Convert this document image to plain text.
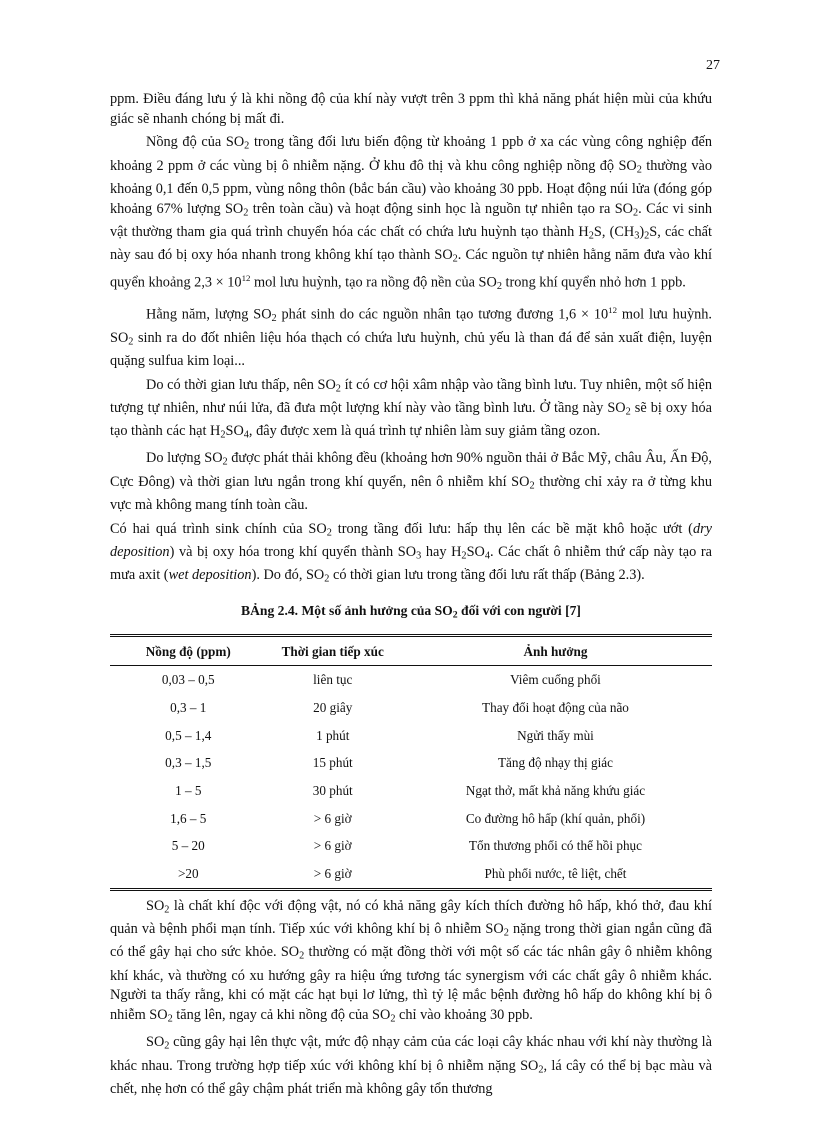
27

ppm. Điều đáng lưu ý là khi nồng độ của khí này vượt trên 3 ppm thì khả năng phát hiện mùi của khứu giác sẽ nhanh chóng bị mất đi.

Nồng độ của $SO_2$ trong tầng đối lưu biến động từ khoảng 1 ppb ở xa các vùng công nghiệp đến khoảng 2 ppm ở các vùng bị ô nhiễm nặng. Ở khu đô thị và khu công nghiệp nồng độ $SO_2$ thường vào khoảng 0,1 đến 0,5 ppm, vùng nông thôn (bắc bán cầu) vào khoảng 30 ppb. Hoạt động núi lửa (đóng góp khoảng 67% lượng $SO_2$ trên toàn cầu) và hoạt động sinh học là nguồn tự nhiên tạo ra $SO_2$. Các vi sinh vật thường tham gia quá trình chuyển hóa các chất có chứa lưu huỳnh tạo thành $H_2S$, $(CH_3)_2S$, các chất này sau đó bị oxy hóa nhanh trong không khí tạo thành $SO_2$. Các nguồn tự nhiên hằng năm đưa vào khí quyển khoảng $2,3 \times 10^{12}$ mol lưu huỳnh, tạo ra nồng độ nền của $SO_2$ trong khí quyển nhỏ hơn 1 ppb.

Hằng năm, lượng $SO_2$ phát sinh do các nguồn nhân tạo tương đương $1,6 \times 10^{12}$ mol lưu huỳnh. $SO_2$ sinh ra do đốt nhiên liệu hóa thạch có chứa lưu huỳnh, chủ yếu là than đá để sản xuất điện, luyện quặng sulfua kim loại...

Do có thời gian lưu thấp, nên $SO_2$ ít có cơ hội xâm nhập vào tầng bình lưu. Tuy nhiên, một số hiện tượng tự nhiên, như núi lửa, đã đưa một lượng khí này vào tầng bình lưu. Ở tầng này $SO_2$ sẽ bị oxy hóa tạo thành các hạt $H_2SO_4$, đây được xem là quá trình tự nhiên làm suy giảm tầng ozon.

Do lượng $SO_2$ được phát thải không đều (khoảng hơn 90% nguồn thải ở Bắc Mỹ, châu Âu, Ấn Độ, Cực Đông) và thời gian lưu ngắn trong khí quyển, nên ô nhiễm khí $SO_2$ thường chỉ xảy ra ở từng khu vực mà không mang tính toàn cầu.

Có hai quá trình sink chính của $SO_2$ trong tầng đối lưu: hấp thụ lên các bề mặt khô hoặc ướt (dry deposition) và bị oxy hóa trong khí quyển thành $SO_3$ hay $H_2SO_4$. Các chất ô nhiễm thứ cấp này tạo ra mưa axit (wet deposition). Do đó, $SO_2$ có thời gian lưu trong tầng đối lưu rất thấp (Bảng 2.3).

BẢng 2.4. Một số ảnh hưởng của $SO_2$ đối với con người [7]
Nồng độ (ppm)	Thời gian tiếp xúc	Ảnh hưởng
0,03 – 0,5	liên tục	Viêm cuống phổi
0,3 – 1	20 giây	Thay đổi hoạt động của não
0,5 – 1,4	1 phút	Ngửi thấy mùi
0,3 – 1,5	15 phút	Tăng độ nhạy thị giác
1 – 5	30 phút	Ngạt thở, mất khả năng khứu giác
1,6 – 5	> 6 giờ	Co đường hô hấp (khí quản, phổi)
5 – 20	> 6 giờ	Tổn thương phổi có thể hồi phục
>20	> 6 giờ	Phù phổi nước, tê liệt, chết

$SO_2$ là chất khí độc với động vật, nó có khả năng gây kích thích đường hô hấp, khó thở, đau khí quản và bệnh phổi mạn tính. Tiếp xúc với không khí bị ô nhiễm $SO_2$ nặng trong thời gian ngắn cũng đã có thể gây hại cho sức khỏe. $SO_2$ thường có mặt đồng thời với một số các tác nhân gây ô nhiễm không khí khác, và thường có xu hướng gây ra hiệu ứng tương tác synergism với các chất gây ô nhiễm khác. Người ta thấy rằng, khi có mặt các hạt bụi lơ lửng, thì tỷ lệ mắc bệnh đường hô hấp do không khí bị ô nhiễm $SO_2$ tăng lên, ngay cả khi nồng độ của $SO_2$ chỉ vào khoảng 30 ppb.

$SO_2$ cũng gây hại lên thực vật, mức độ nhạy cảm của các loại cây khác nhau với khí này thường là khác nhau. Trong trường hợp tiếp xúc với không khí bị ô nhiễm nặng $SO_2$, lá cây có thể bị bạc màu và chết, nhẹ hơn có thể gây chậm phát triển mà không gây tổn thương
